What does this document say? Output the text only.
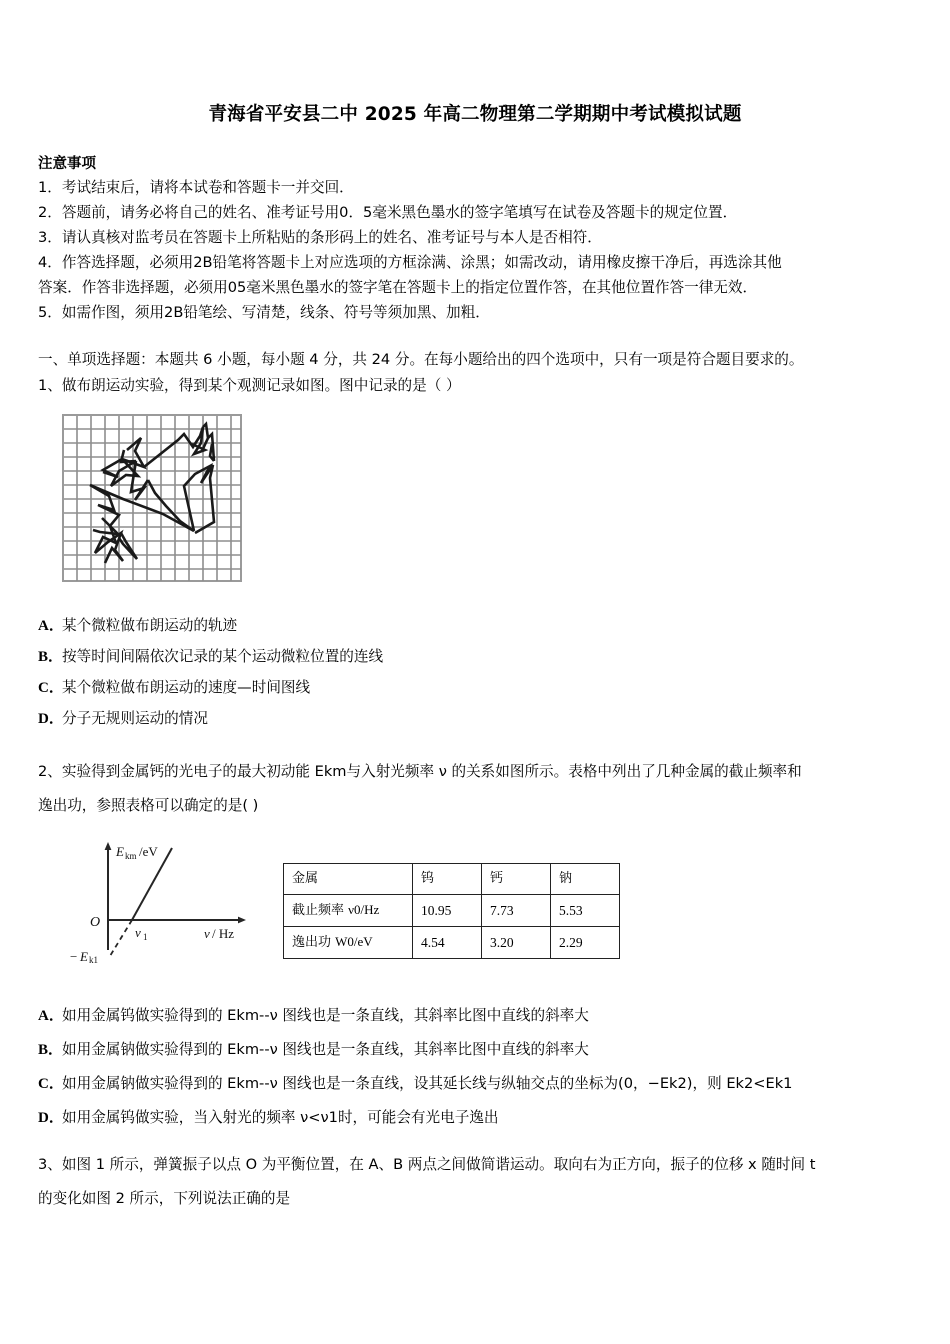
青海省平安县二中 2025 年高二物理第二学期期中考试模拟试题
注意事项
1．考试结束后，请将本试卷和答题卡一并交回．
2．答题前，请务必将自己的姓名、准考证号用0．5毫米黑色墨水的签字笔填写在试卷及答题卡的规定位置．
3．请认真核对监考员在答题卡上所粘贴的条形码上的姓名、准考证号与本人是否相符．
4．作答选择题，必须用2B铅笔将答题卡上对应选项的方框涂满、涂黑；如需改动，请用橡皮擦干净后，再选涂其他
答案．作答非选择题，必须用05毫米黑色墨水的签字笔在答题卡上的指定位置作答，在其他位置作答一律无效．
5．如需作图，须用2B铅笔绘、写清楚，线条、符号等须加黑、加粗．
一、单项选择题：本题共 6 小题，每小题 4 分，共 24 分。在每小题给出的四个选项中，只有一项是符合题目要求的。
1、做布朗运动实验，得到某个观测记录如图。图中记录的是（ ）
A．某个微粒做布朗运动的轨迹
B．按等时间间隔依次记录的某个运动微粒位置的连线
C．某个微粒做布朗运动的速度—时间图线
D．分子无规则运动的情况
2、实验得到金属钙的光电子的最大初动能 Ekm与入射光频率 ν 的关系如图所示。表格中列出了几种金属的截止频率和
逸出功，参照表格可以确定的是( )
E km /eV
O
ν 1	ν / Hz
− E k1
金属	钨	钙	钠
截止频率 ν0/Hz	10.95	7.73	5.53
逸出功 W0/eV	4.54	3.20	2.29
A．如用金属钨做实验得到的 Ekm--ν 图线也是一条直线，其斜率比图中直线的斜率大
B．如用金属钠做实验得到的 Ekm--ν 图线也是一条直线，其斜率比图中直线的斜率大
C．如用金属钠做实验得到的 Ekm--ν 图线也是一条直线，设其延长线与纵轴交点的坐标为(0，−Ek2)，则 Ek2<Ek1
D．如用金属钨做实验，当入射光的频率 ν<ν1时，可能会有光电子逸出
3、如图 1 所示，弹簧振子以点 O 为平衡位置，在 A、B 两点之间做简谐运动。取向右为正方向，振子的位移 x 随时间 t
的变化如图 2 所示，下列说法正确的是
